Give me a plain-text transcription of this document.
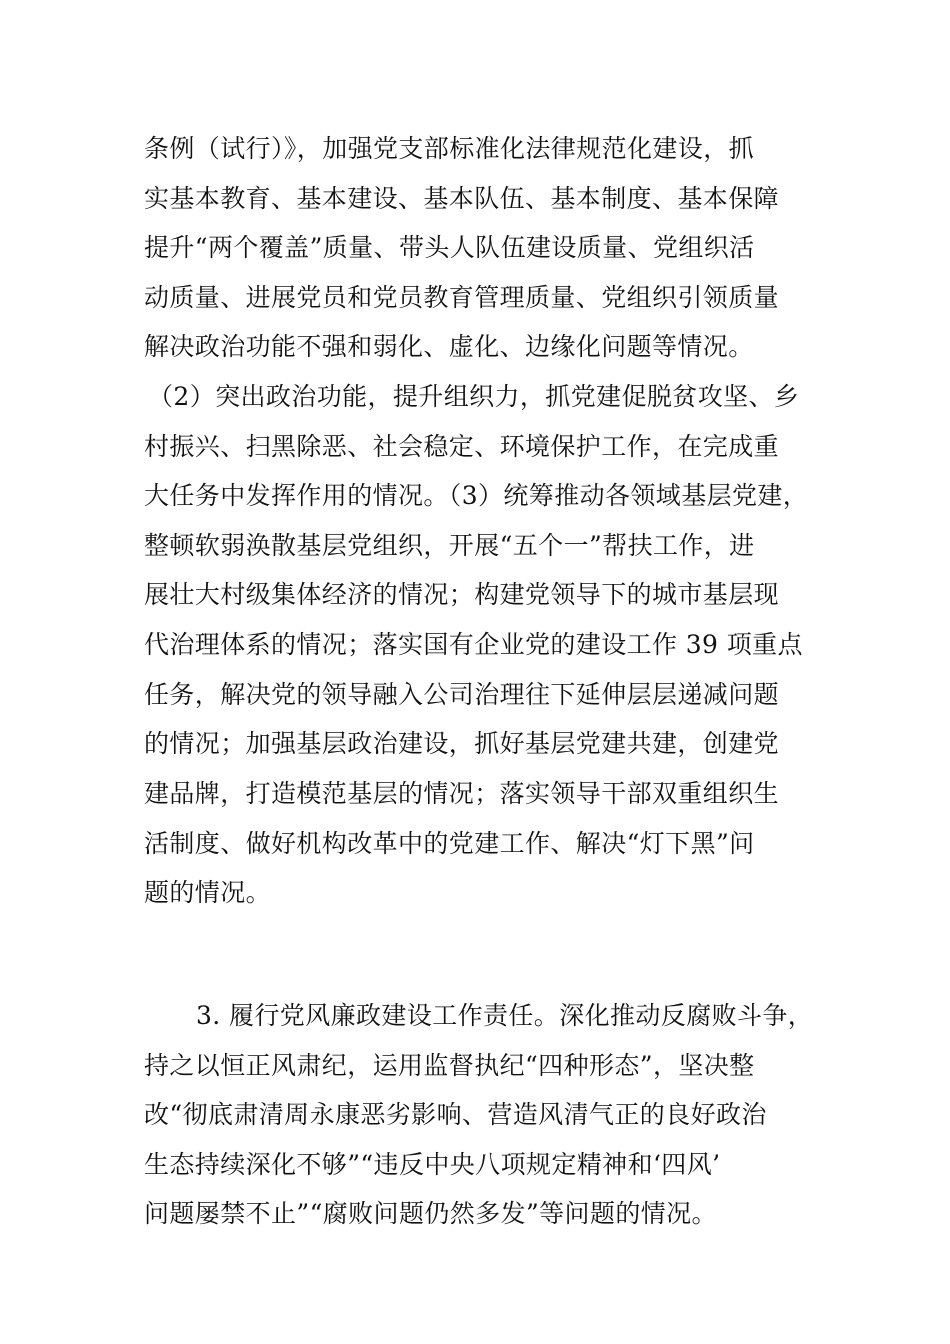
条例（试行）》，加强党支部标准化法律规范化建设，抓

实基本教育、基本建设、基本队伍、基本制度、基本保障

提升“两个覆盖”质量、带头人队伍建设质量、党组织活

动质量、进展党员和党员教育管理质量、党组织引领质量

解决政治功能不强和弱化、虚化、边缘化问题等情况。

（2）突出政治功能，提升组织力，抓党建促脱贫攻坚、乡

村振兴、扫黑除恶、社会稳定、环境保护工作，在完成重

大任务中发挥作用的情况。（3）统筹推动各领域基层党建，

整顿软弱涣散基层党组织，开展“五个一”帮扶工作，进

展壮大村级集体经济的情况；构建党领导下的城市基层现

代治理体系的情况；落实国有企业党的建设工作 39 项重点

任务，解决党的领导融入公司治理往下延伸层层递减问题

的情况；加强基层政治建设，抓好基层党建共建，创建党

建品牌，打造模范基层的情况；落实领导干部双重组织生

活制度、做好机构改革中的党建工作、解决“灯下黑”问

题的情况。

3. 履行党风廉政建设工作责任。深化推动反腐败斗争，

持之以恒正风肃纪，运用监督执纪“四种形态”，坚决整

改“彻底肃清周永康恶劣影响、营造风清气正的良好政治

生态持续深化不够”“违反中央八项规定精神和‘四风’

问题屡禁不止”“腐败问题仍然多发”等问题的情况。
